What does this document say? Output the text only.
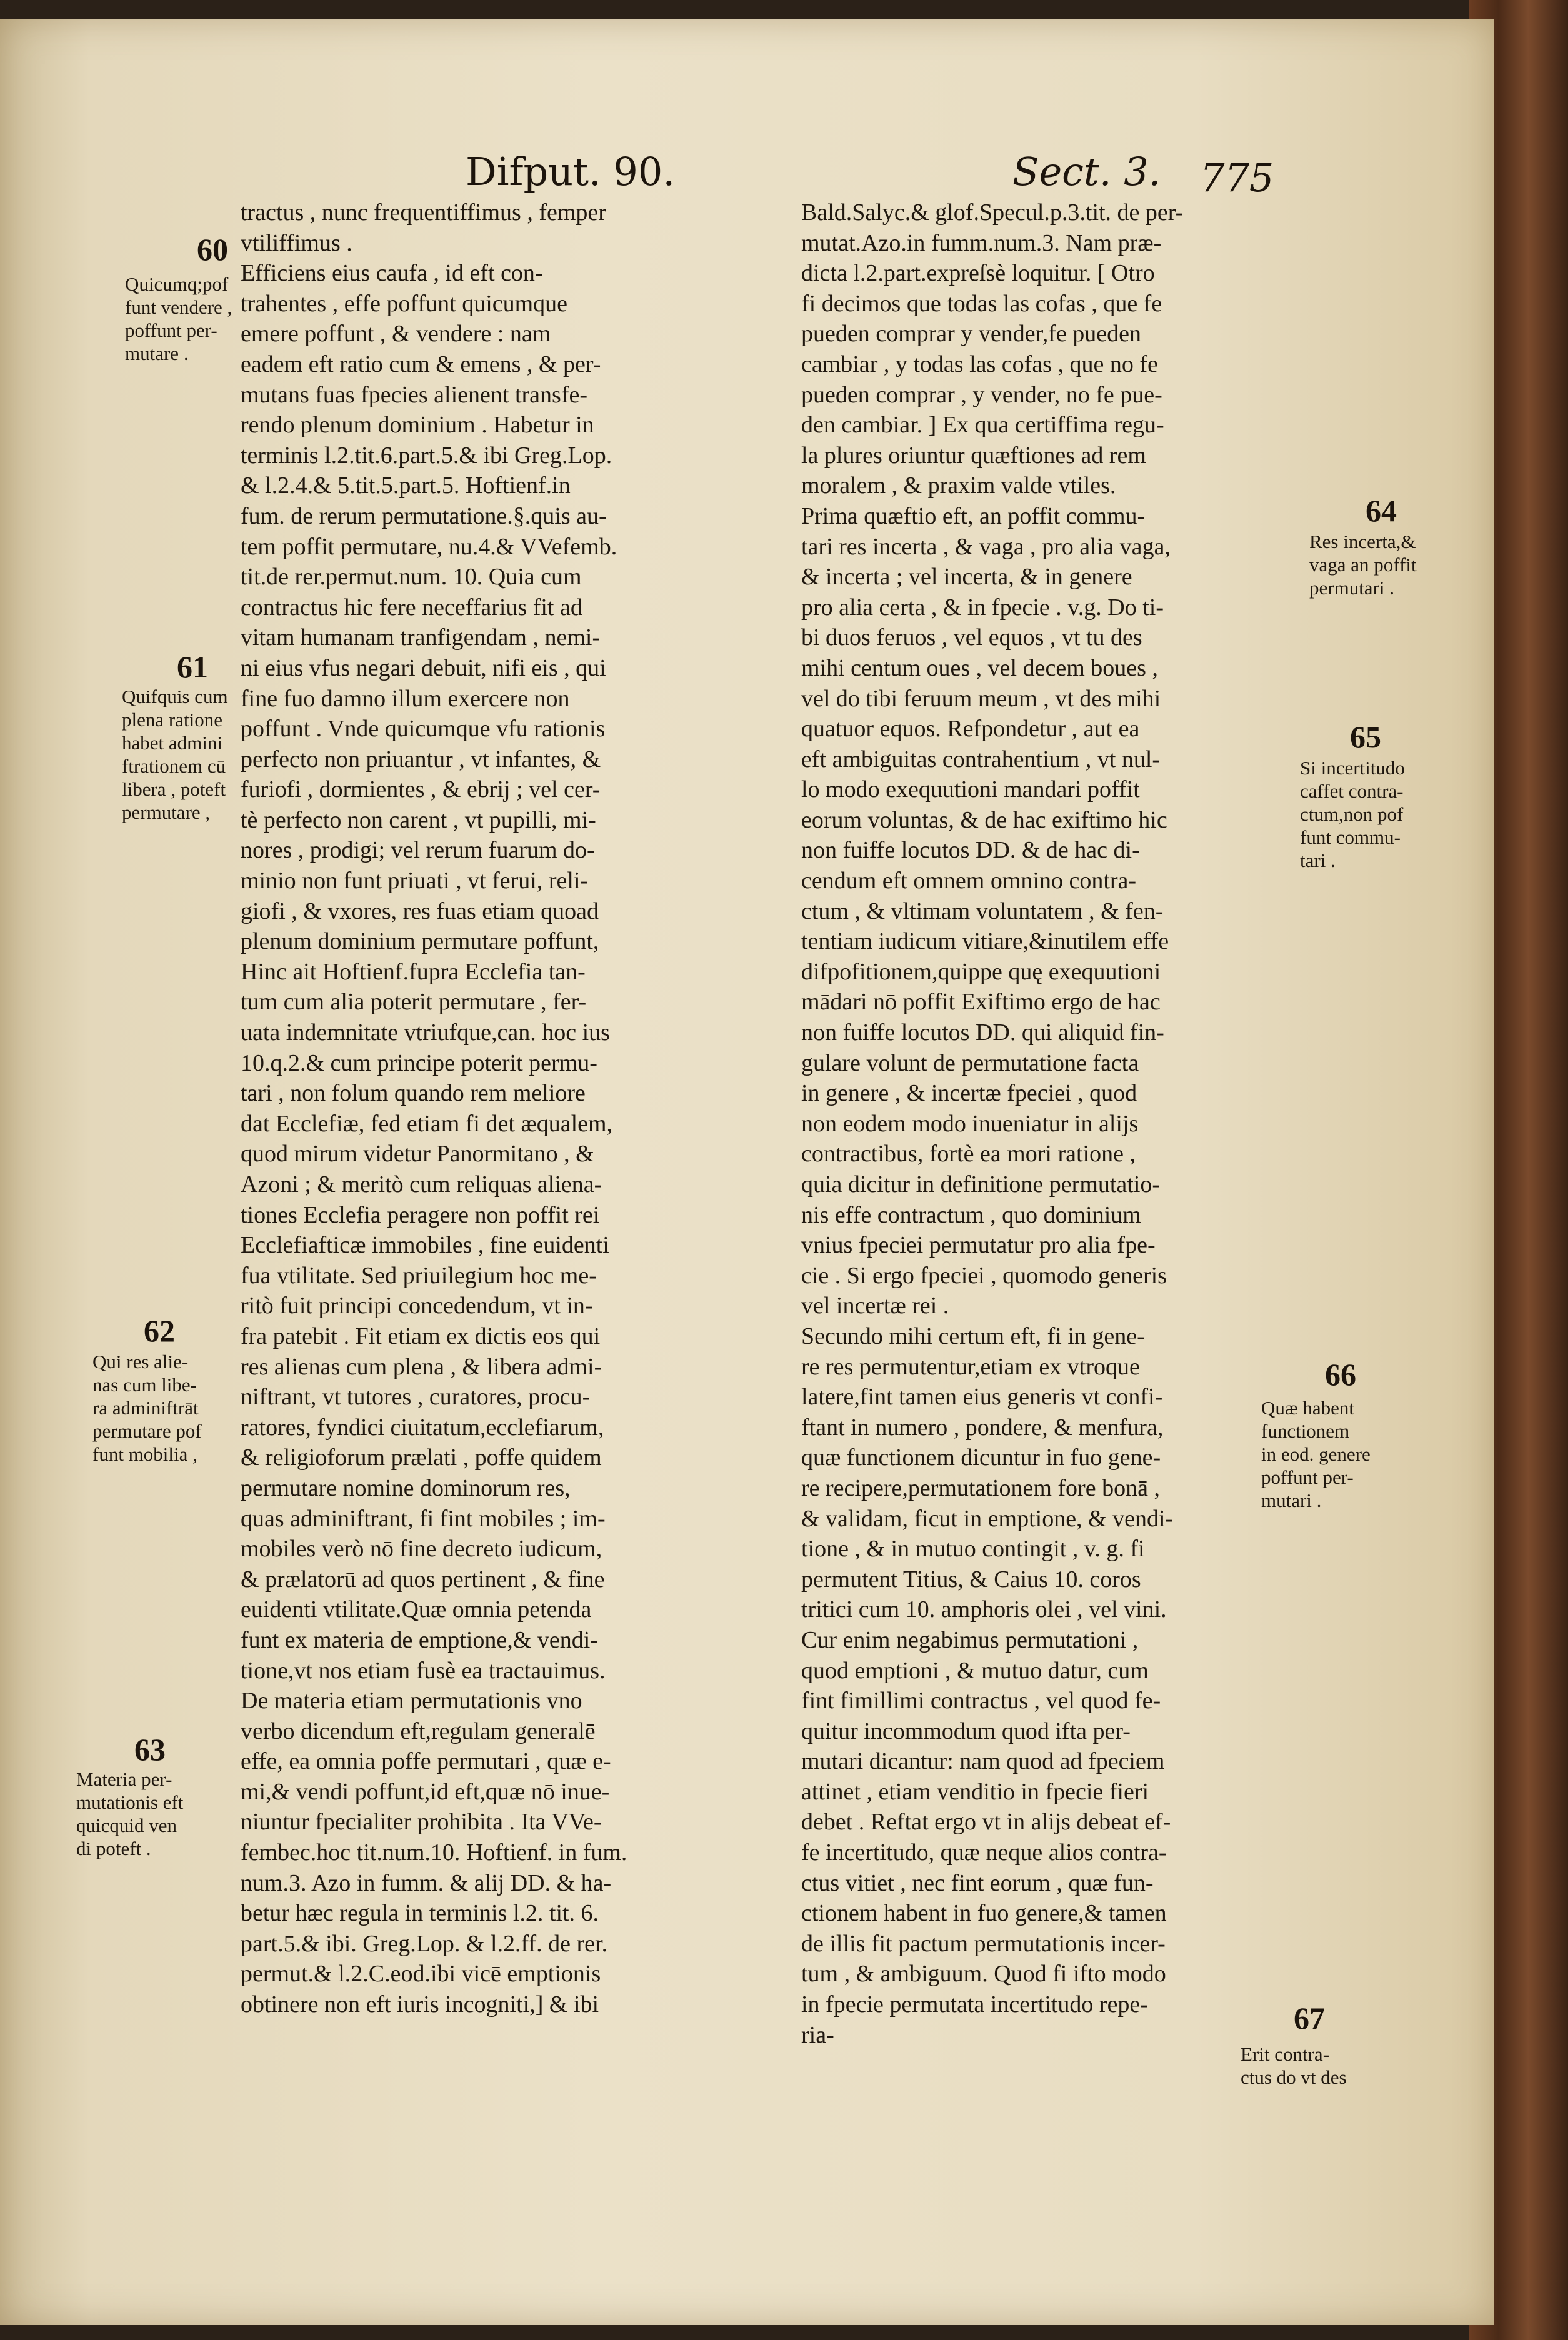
Difput. 90.	Sect. 3. 775
tractus , nunc frequentiffimus , femper
vtiliffimus .
Efficiens eius caufa , id eft con-
trahentes , effe poffunt quicumque
emere poffunt , & vendere : nam
eadem eft ratio cum & emens , & per-
mutans fuas fpecies alienent transfe-
rendo plenum dominium . Habetur in
terminis l.2.tit.6.part.5.& ibi Greg.Lop.
& l.2.4.& 5.tit.5.part.5. Hoftienf.in
fum. de rerum permutatione.§.quis au-
tem poffit permutare, nu.4.& VVefemb.
tit.de rer.permut.num. 10. Quia cum
contractus hic fere neceffarius fit ad
vitam humanam tranfigendam , nemi-
ni eius vfus negari debuit, nifi eis , qui
fine fuo damno illum exercere non
poffunt . Vnde quicumque vfu rationis
perfecto non priuantur , vt infantes, &
furiofi , dormientes , & ebrij ; vel cer-
tè perfecto non carent , vt pupilli, mi-
nores , prodigi; vel rerum fuarum do-
minio non funt priuati , vt ferui, reli-
giofi , & vxores, res fuas etiam quoad
plenum dominium permutare poffunt,
Hinc ait Hoftienf.fupra Ecclefia tan-
tum cum alia poterit permutare , fer-
uata indemnitate vtriufque,can. hoc ius
10.q.2.& cum principe poterit permu-
tari , non folum quando rem meliore
dat Ecclefiæ, fed etiam fi det æqualem,
quod mirum videtur Panormitano , &
Azoni ; & meritò cum reliquas aliena-
tiones Ecclefia peragere non poffit rei
Ecclefiafticæ immobiles , fine euidenti
fua vtilitate. Sed priuilegium hoc me-
ritò fuit principi concedendum, vt in-
fra patebit . Fit etiam ex dictis eos qui
res alienas cum plena , & libera admi-
niftrant, vt tutores , curatores, procu-
ratores, fyndici ciuitatum,ecclefiarum,
& religioforum prælati , poffe quidem
permutare nomine dominorum res,
quas adminiftrant, fi fint mobiles ; im-
mobiles verò nō fine decreto iudicum,
& prælatorū ad quos pertinent , & fine
euidenti vtilitate.Quæ omnia petenda
funt ex materia de emptione,& vendi-
tione,vt nos etiam fusè ea tractauimus.
De materia etiam permutationis vno
verbo dicendum eft,regulam generalē
effe, ea omnia poffe permutari , quæ e-
mi,& vendi poffunt,id eft,quæ nō inue-
niuntur fpecialiter prohibita . Ita VVe-
fembec.hoc tit.num.10. Hoftienf. in fum.
num.3. Azo in fumm. & alij DD. & ha-
betur hæc regula in terminis l.2. tit. 6.
part.5.& ibi. Greg.Lop. & l.2.ff. de rer.
permut.& l.2.C.eod.ibi vicē emptionis
obtinere non eft iuris incogniti,] & ibi
Bald.Salyc.& glof.Specul.p.3.tit. de per-
mutat.Azo.in fumm.num.3. Nam præ-
dicta l.2.part.expreſsè loquitur. [ Otro
fi decimos que todas las cofas , que fe
pueden comprar y vender,fe pueden
cambiar , y todas las cofas , que no fe
pueden comprar , y vender, no fe pue-
den cambiar. ] Ex qua certiffima regu-
la plures oriuntur quæftiones ad rem
moralem , & praxim valde vtiles.
Prima quæftio eft, an poffit commu-
tari res incerta , & vaga , pro alia vaga,
& incerta ; vel incerta, & in genere
pro alia certa , & in fpecie . v.g. Do ti-
bi duos feruos , vel equos , vt tu des
mihi centum oues , vel decem boues ,
vel do tibi feruum meum , vt des mihi
quatuor equos. Refpondetur , aut ea
eft ambiguitas contrahentium , vt nul-
lo modo exequutioni mandari poffit
eorum voluntas, & de hac exiftimo hic
non fuiffe locutos DD. & de hac di-
cendum eft omnem omnino contra-
ctum , & vltimam voluntatem , & fen-
tentiam iudicum vitiare,&inutilem effe
difpofitionem,quippe quę exequutioni
mādari nō poffit Exiftimo ergo de hac
non fuiffe locutos DD. qui aliquid fin-
gulare volunt de permutatione facta
in genere , & incertæ fpeciei , quod
non eodem modo inueniatur in alijs
contractibus, fortè ea mori ratione ,
quia dicitur in definitione permutatio-
nis effe contractum , quo dominium
vnius fpeciei permutatur pro alia fpe-
cie . Si ergo fpeciei , quomodo generis
vel incertæ rei .
Secundo mihi certum eft, fi in gene-
re res permutentur,etiam ex vtroque
latere,fint tamen eius generis vt confi-
ftant in numero , pondere, & menfura,
quæ functionem dicuntur in fuo gene-
re recipere,permutationem fore bonā ,
& validam, ficut in emptione, & vendi-
tione , & in mutuo contingit , v. g. fi
permutent Titius, & Caius 10. coros
tritici cum 10. amphoris olei , vel vini.
Cur enim negabimus permutationi ,
quod emptioni , & mutuo datur, cum
fint fimillimi contractus , vel quod fe-
quitur incommodum quod ifta per-
mutari dicantur: nam quod ad fpeciem
attinet , etiam venditio in fpecie fieri
debet . Reftat ergo vt in alijs debeat ef-
fe incertitudo, quæ neque alios contra-
ctus vitiet , nec fint eorum , quæ fun-
ctionem habent in fuo genere,& tamen
de illis fit pactum permutationis incer-
tum , & ambiguum. Quod fi ifto modo
in fpecie permutata incertitudo repe-
ria-
60
Quicumq;pof
funt vendere ,
poffunt per-
mutare .
61
Quifquis cum
plena ratione
habet admini
ftrationem cū
libera , poteft
permutare ,
62
Qui res alie-
nas cum libe-
ra adminiftrāt
permutare pof
funt mobilia ,
63
Materia per-
mutationis eft
quicquid ven
di poteft .
64
Res incerta,&
vaga an poffit
permutari .
65
Si incertitudo
caffet contra-
ctum,non pof
funt commu-
tari .
66
Quæ habent
functionem
in eod. genere
poffunt per-
mutari .
67
Erit contra-
ctus do vt des
